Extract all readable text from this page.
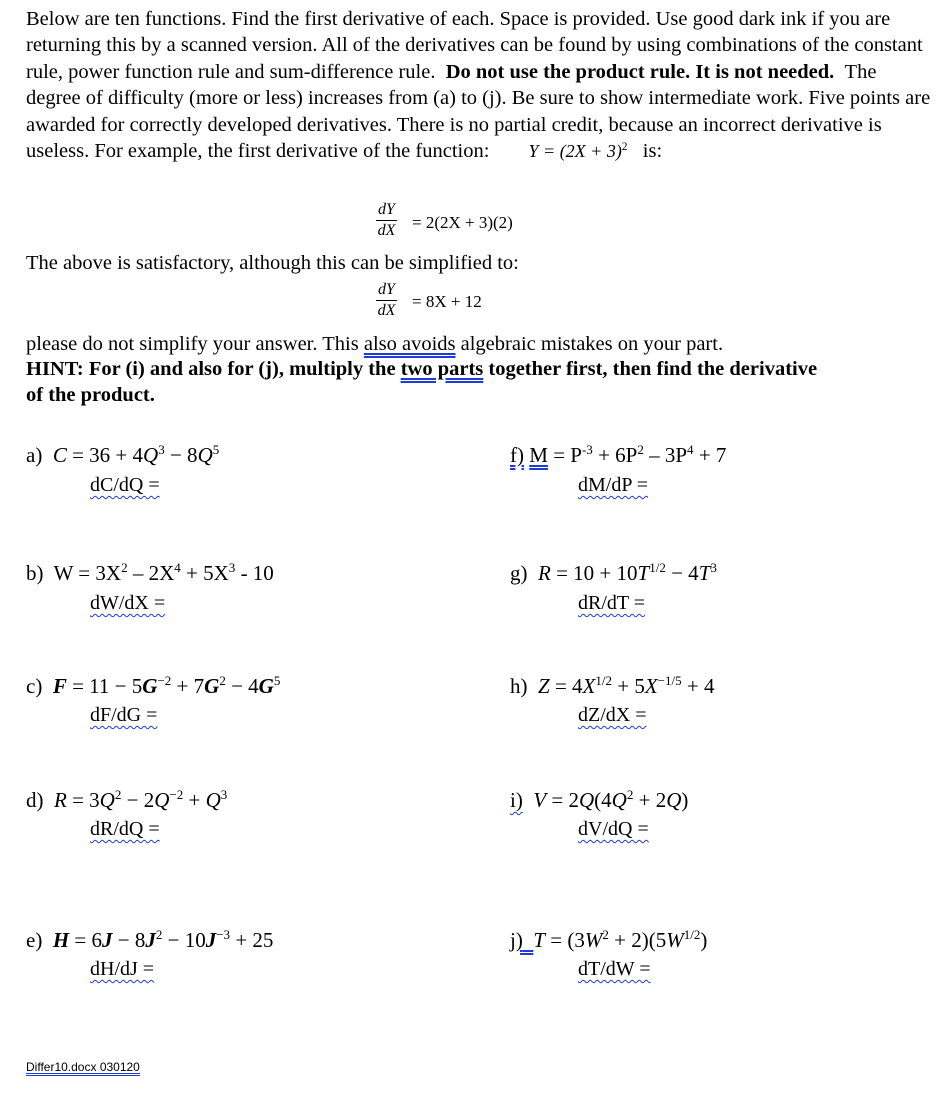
Below are ten functions. Find the first derivative of each. Space is provided. Use good dark ink if you are returning this by a scanned version. All of the derivatives can be found by using combinations of the constant rule, power function rule and sum-difference rule. Do not use the product rule. It is not needed. The degree of difficulty (more or less) increases from (a) to (j). Be sure to show intermediate work. Five points are awarded for correctly developed derivatives. There is no partial credit, because an incorrect derivative is useless. For example, the first derivative of the function: $Y = (2X + 3)^2$ is:

$\frac{dY}{dX} = 2(2X + 3)(2)$
The above is satisfactory, although this can be simplified to:
$\frac{dY}{dX} = 8X + 12$
please do not simplify your answer. This also avoids algebraic mistakes on your part.
HINT: For (i) and also for (j), multiply the two parts together first, then find the derivative
of the product.
a) $C = 36 + 4Q^3 - 8Q^5$
dC/dQ =
b)  $W = 3X^2 - 2X^4 + 5X^3 - 10$
dW/dX =
c) $F = 11 - 5G^{-2} + 7G^2 - 4G^5$
dF/dG =
d) $R = 3Q^2 - 2Q^{-2} + Q^3$
dR/dQ =
e) $H = 6J - 8J^2 - 10J^{-3} + 25$
dH/dJ =
f) $M = P^{-3} + 6P^2 - 3P^4 + 7$
dM/dP =
g) $R = 10 + 10T^{1/2} - 4T^3$
dR/dT =
h) $Z = 4X^{1/2} + 5X^{-1/5} + 4$
dZ/dX =
i) $V = 2Q(4Q^2 + 2Q)$
dV/dQ =
j) $T = (3W^2 + 2)(5W^{1/2})$
dT/dW =
Differ10.docx 030120
